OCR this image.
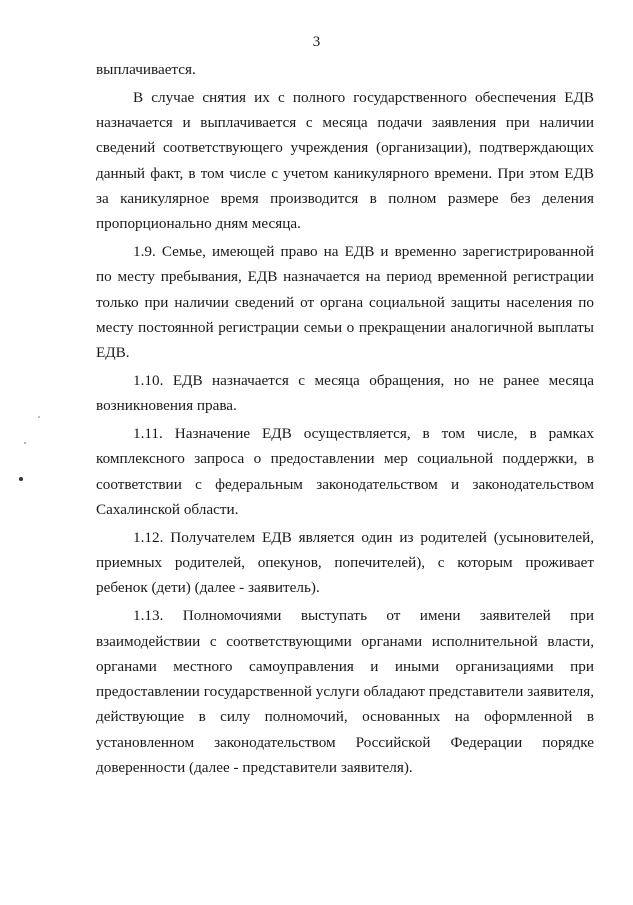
3

выплачивается.

В случае снятия их с полного государственного обеспечения ЕДВ назначается и выплачивается с месяца подачи заявления при наличии сведений соответствующего учреждения (организации), подтверждающих данный факт, в том числе с учетом каникулярного времени. При этом ЕДВ за каникулярное время производится в полном размере без деления пропорционально дням месяца.

1.9. Семье, имеющей право на ЕДВ и временно зарегистрированной по месту пребывания, ЕДВ назначается на период временной регистрации только при наличии сведений от органа социальной защиты населения по месту постоянной регистрации семьи о прекращении аналогичной выплаты ЕДВ.

1.10. ЕДВ назначается с месяца обращения, но не ранее месяца возникновения права.

1.11. Назначение ЕДВ осуществляется, в том числе, в рамках комплексного запроса о предоставлении мер социальной поддержки, в соответствии с федеральным законодательством и законодательством Сахалинской области.

1.12. Получателем ЕДВ является один из родителей (усыновителей, приемных родителей, опекунов, попечителей), с которым проживает ребенок (дети) (далее - заявитель).

1.13. Полномочиями выступать от имени заявителей при взаимодействии с соответствующими органами исполнительной власти, органами местного самоуправления и иными организациями при предоставлении государственной услуги обладают представители заявителя, действующие в силу полномочий, основанных на оформленной в установленном законодательством Российской Федерации порядке доверенности (далее - представители заявителя).
